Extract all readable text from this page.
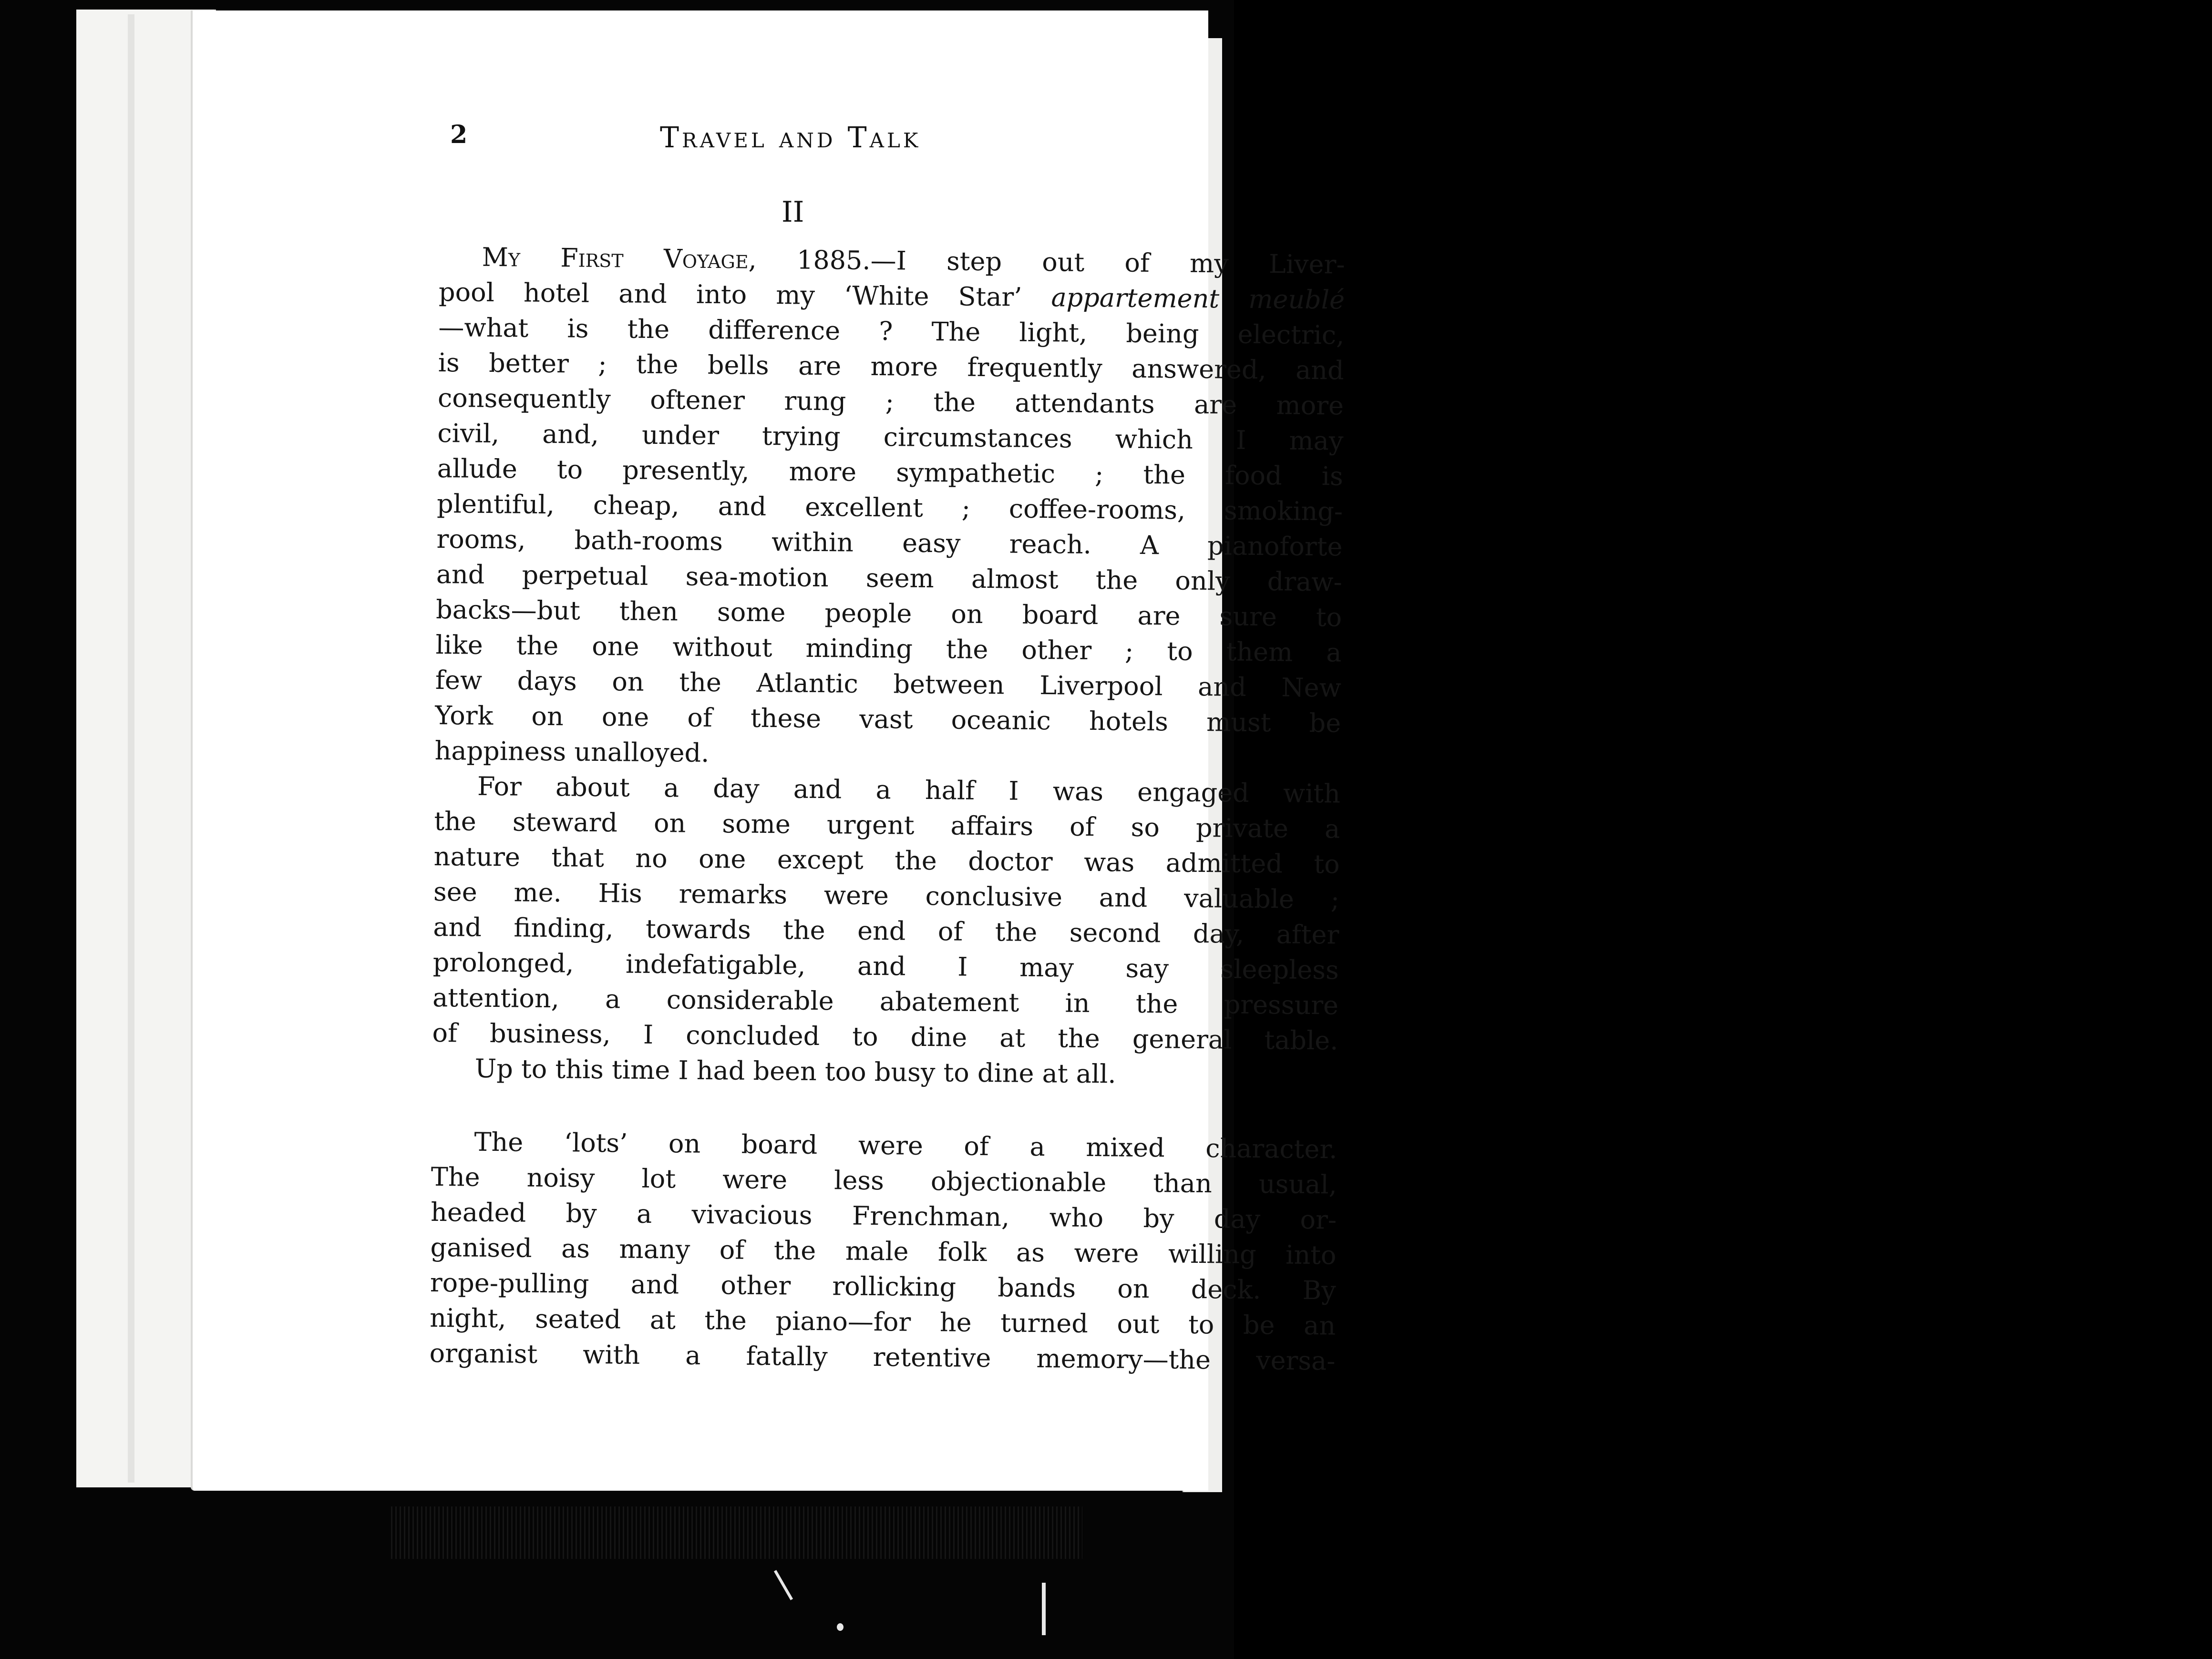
2	Travel and Talk
II
My First Voyage, 1885.—I step out of my Liver-
pool hotel and into my ‘White Star’ appartement meublé
—what is the difference ? The light, being electric,
is better ; the bells are more frequently answered, and
consequently oftener rung ; the attendants are more
civil, and, under trying circumstances which I may
allude to presently, more sympathetic ; the food is
plentiful, cheap, and excellent ; coffee-rooms, smoking-
rooms, bath-rooms within easy reach. A pianoforte
and perpetual sea-motion seem almost the only draw-
backs—but then some people on board are sure to
like the one without minding the other ; to them a
few days on the Atlantic between Liverpool and New
York on one of these vast oceanic hotels must be
happiness unalloyed.
For about a day and a half I was engaged with
the steward on some urgent affairs of so private a
nature that no one except the doctor was admitted to
see me. His remarks were conclusive and valuable ;
and finding, towards the end of the second day, after
prolonged, indefatigable, and I may say sleepless
attention, a considerable abatement in the pressure
of business, I concluded to dine at the general table.
Up to this time I had been too busy to dine at all.
The ‘lots’ on board were of a mixed character.
The noisy lot were less objectionable than usual,
headed by a vivacious Frenchman, who by day or-
ganised as many of the male folk as were willing into
rope-pulling and other rollicking bands on deck. By
night, seated at the piano—for he turned out to be an
organist with a fatally retentive memory—the versa-
